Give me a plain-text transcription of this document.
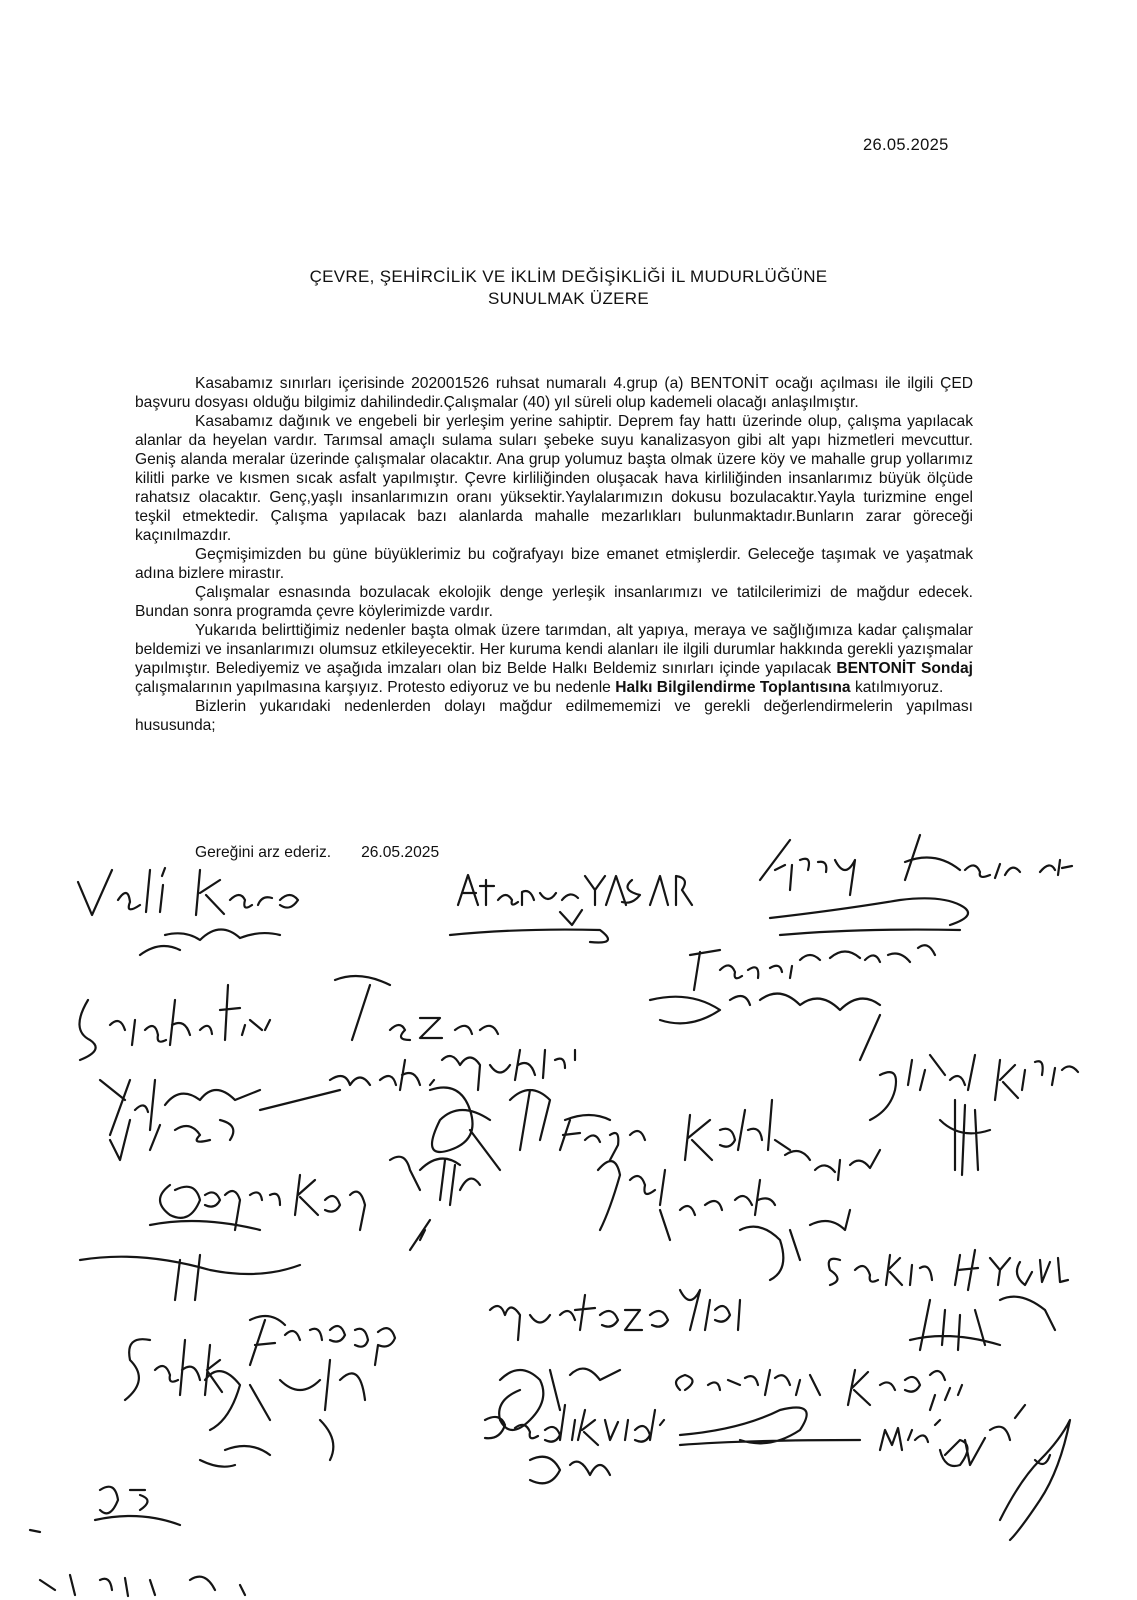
26.05.2025
ÇEVRE, ŞEHİRCİLİK VE İKLİM DEĞİŞİKLİĞİ İL MUDURLÜĞÜNE
SUNULMAK ÜZERE

Kasabamız sınırları içerisinde 202001526 ruhsat numaralı 4.grup (a) BENTONİT ocağı açılması ile ilgili ÇED başvuru dosyası olduğu bilgimiz dahilindedir.Çalışmalar (40) yıl süreli olup kademeli olacağı anlaşılmıştır.

Kasabamız dağınık ve engebeli bir yerleşim yerine sahiptir. Deprem fay hattı üzerinde olup, çalışma yapılacak alanlar da heyelan vardır. Tarımsal amaçlı sulama suları şebeke suyu kanalizasyon gibi alt yapı hizmetleri mevcuttur. Geniş alanda meralar üzerinde çalışmalar olacaktır. Ana grup yolumuz başta olmak üzere köy ve mahalle grup yollarımız kilitli parke ve kısmen sıcak asfalt yapılmıştır. Çevre kirliliğinden oluşacak hava kirliliğinden insanlarımız büyük ölçüde rahatsız olacaktır. Genç,yaşlı insanlarımızın oranı yüksektir.Yaylalarımızın dokusu bozulacaktır.Yayla turizmine engel teşkil etmektedir. Çalışma yapılacak bazı alanlarda mahalle mezarlıkları bulunmaktadır.Bunların zarar göreceği kaçınılmazdır.

Geçmişimizden bu güne büyüklerimiz bu coğrafyayı bize emanet etmişlerdir. Geleceğe taşımak ve yaşatmak adına bizlere mirastır.

Çalışmalar esnasında bozulacak ekolojik denge yerleşik insanlarımızı ve tatilcilerimizi de mağdur edecek. Bundan sonra programda çevre köylerimizde vardır.

Yukarıda belirttiğimiz nedenler başta olmak üzere tarımdan, alt yapıya, meraya ve sağlığımıza kadar çalışmalar beldemizi ve insanlarımızı olumsuz etkileyecektir. Her kuruma kendi alanları ile ilgili durumlar hakkında gerekli yazışmalar yapılmıştır. Belediyemiz ve aşağıda imzaları olan biz Belde Halkı Beldemiz sınırları içinde yapılacak BENTONİT Sondaj çalışmalarının yapılmasına karşıyız. Protesto ediyoruz ve bu nedenle Halkı Bilgilendirme Toplantısına katılmıyoruz.

Bizlerin yukarıdaki nedenlerden dolayı mağdur edilmememizi ve gerekli değerlendirmelerin yapılması hususunda;

Gereğini arz ederiz. 26.05.2025
